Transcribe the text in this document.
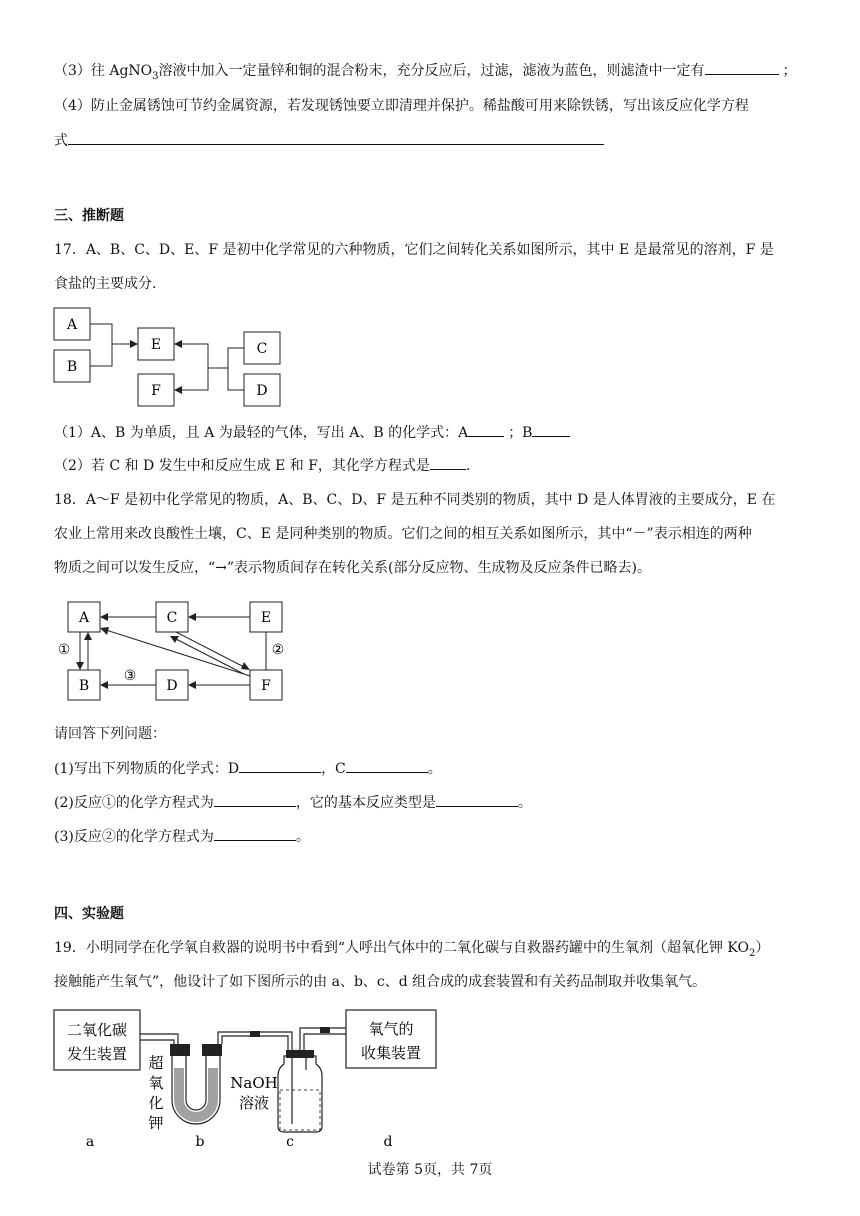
（3）往 AgNO$_3$溶液中加入一定量锌和铜的混合粉末，充分反应后，过滤，滤液为蓝色，则滤渣中一定有	；
（4）防止金属锈蚀可节约金属资源，若发现锈蚀要立即清理并保护。稀盐酸可用来除铁锈，写出该反应化学方程
式
三、推断题
17．A、B、C、D、E、F 是初中化学常见的六种物质，它们之间转化关系如图所示，其中 E 是最常见的溶剂，F 是
食盐的主要成分.
A
B
E
F
C
D
（1）A、B 为单质，且 A 为最轻的气体，写出 A、B 的化学式：A	；B
（2）若 C 和 D 发生中和反应生成 E 和 F，其化学方程式是	.
18．A～F 是初中化学常见的物质，A、B、C、D、F 是五种不同类别的物质，其中 D 是人体胃液的主要成分，E 在
农业上常用来改良酸性土壤，C、E 是同种类别的物质。它们之间的相互关系如图所示，其中“－”表示相连的两种
物质之间可以发生反应，“→”表示物质间存在转化关系(部分反应物、生成物及反应条件已略去)。
A	C	E
B	D	F
①	②
③
请回答下列问题：
(1)写出下列物质的化学式：D	，C	。
(2)反应①的化学方程式为	，它的基本反应类型是	。
(3)反应②的化学方程式为	。
四、实验题
19．小明同学在化学氧自救器的说明书中看到“人呼出气体中的二氧化碳与自救器药罐中的生氧剂（超氧化钾 $KO_2$）
接触能产生氧气”，他设计了如下图所示的由 a、b、c、d 组合成的成套装置和有关药品制取并收集氧气。
二氧化碳
发生装置
氧气的
收集装置
超
氧
化
钾
NaOH
溶液
a	b	c	d
试卷第 5页，共 7页
